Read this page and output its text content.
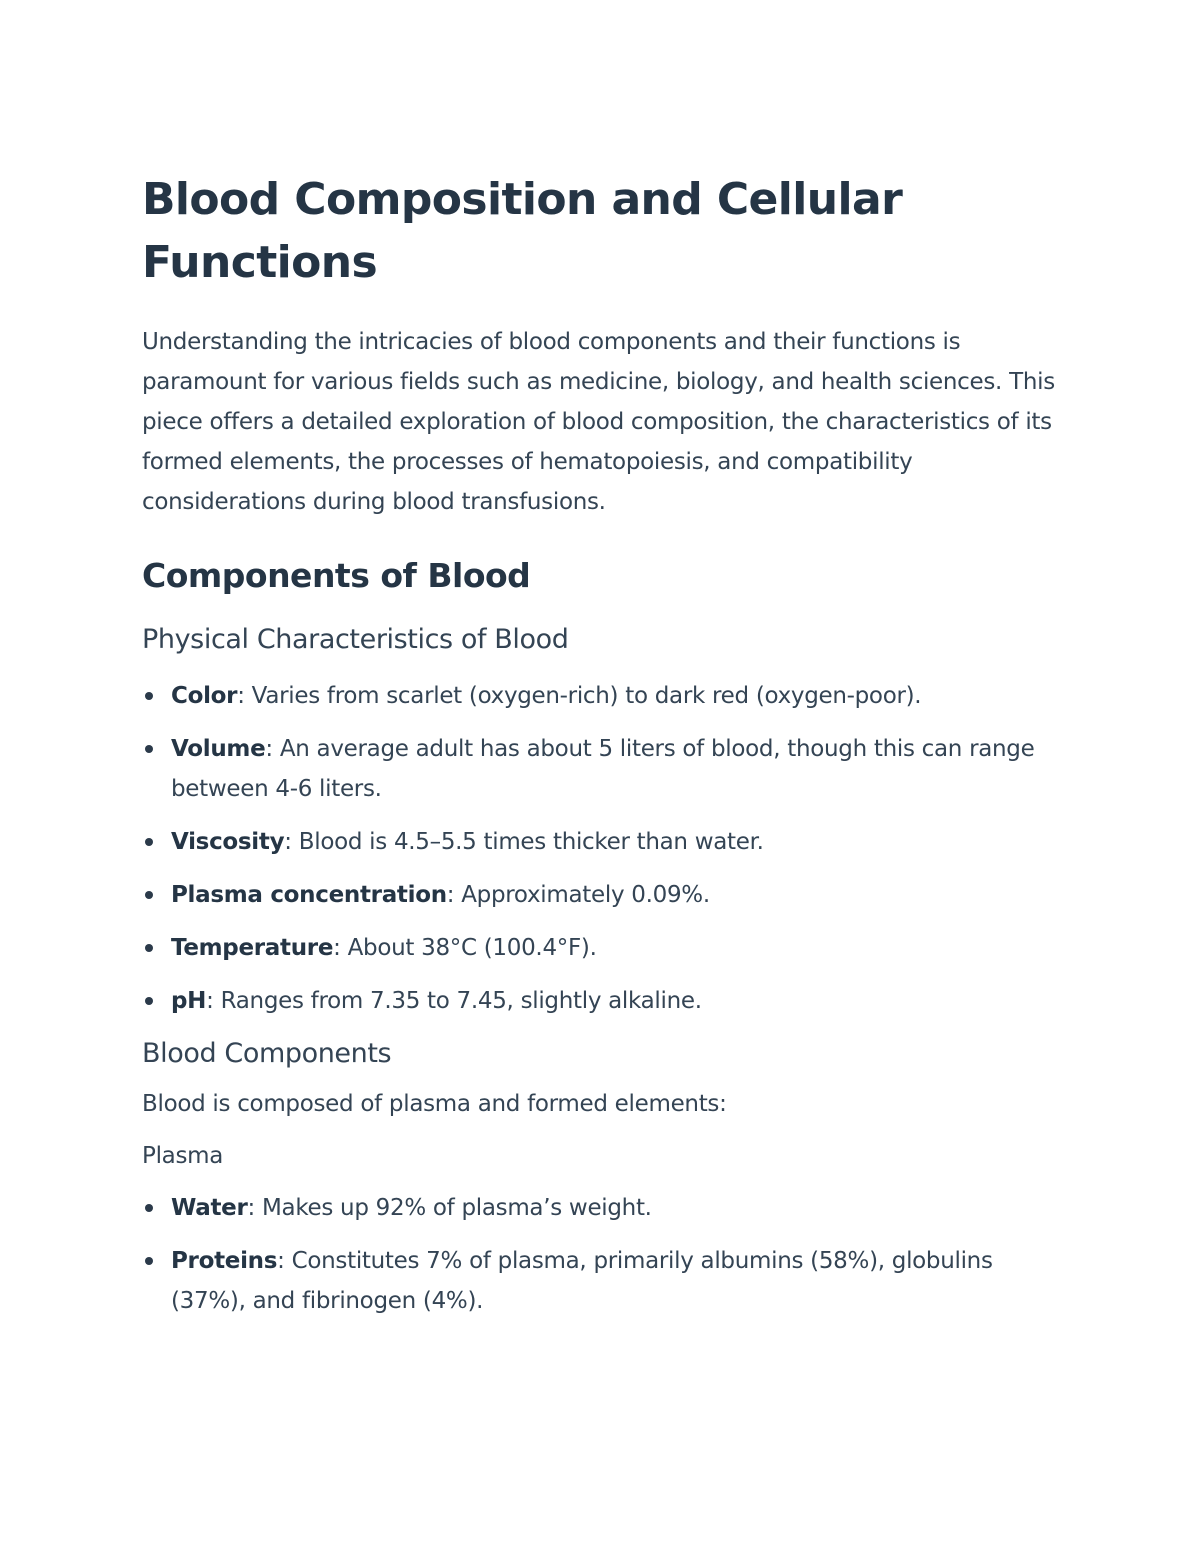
Blood Composition and Cellular Functions

Understanding the intricacies of blood components and their functions is paramount for various fields such as medicine, biology, and health sciences. This piece offers a detailed exploration of blood composition, the characteristics of its formed elements, the processes of hematopoiesis, and compatibility considerations during blood transfusions.

Components of Blood
Physical Characteristics of Blood
Color: Varies from scarlet (oxygen-rich) to dark red (oxygen-poor).
Volume: An average adult has about 5 liters of blood, though this can range between 4-6 liters.
Viscosity: Blood is 4.5–5.5 times thicker than water.
Plasma concentration: Approximately 0.09%.
Temperature: About 38°C (100.4°F).
pH: Ranges from 7.35 to 7.45, slightly alkaline.
Blood Components

Blood is composed of plasma and formed elements:

Plasma

Water: Makes up 92% of plasma’s weight.
Proteins: Constitutes 7% of plasma, primarily albumins (58%), globulins (37%), and fibrinogen (4%).
